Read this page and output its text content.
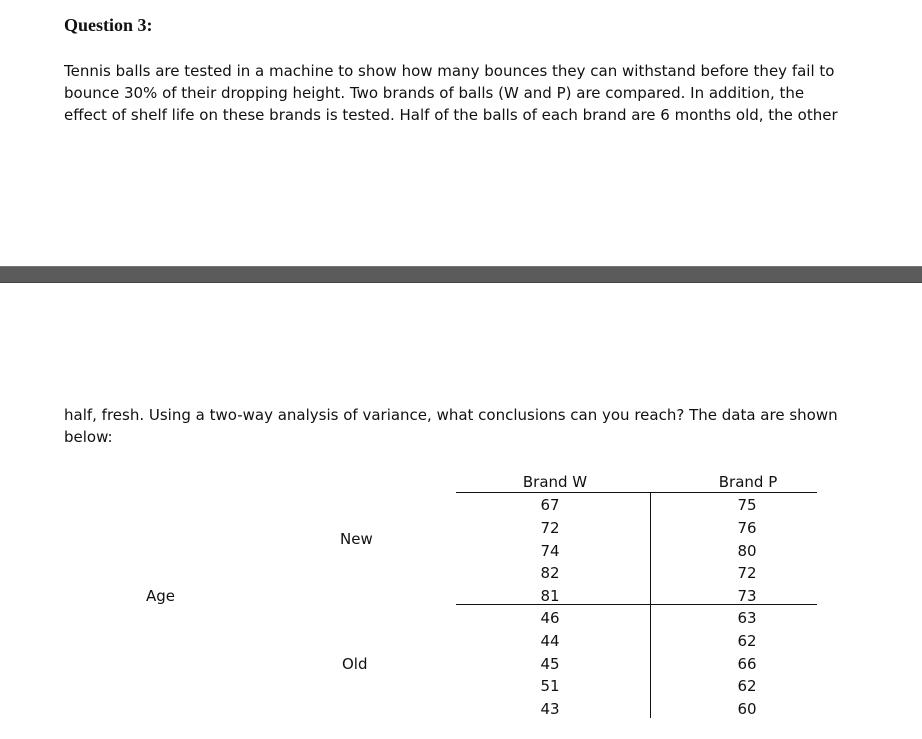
Question 3:

Tennis balls are tested in a machine to show how many bounces they can withstand before they fail to bounce 30% of their dropping height. Two brands of balls (W and P) are compared. In addition, the effect of shelf life on these brands is tested. Half of the balls of each brand are 6 months old, the other

half, fresh. Using a two-way analysis of variance, what conclusions can you reach? The data are shown below:

Age
New
Old
Brand W	Brand P
67
72
74
82
81
46
44
45
51
43
75
76
80
72
73
63
62
66
62
60
